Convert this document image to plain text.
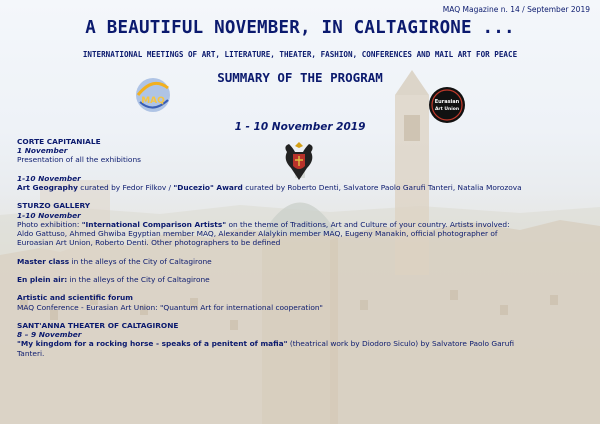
MAQ Magazine n. 14 / September 2019
A BEAUTIFUL NOVEMBER, IN CALTAGIRONE ...
INTERNATIONAL MEETINGS OF ART, LITERATURE, THEATER, FASHION, CONFERENCES AND MAIL ART FOR PEACE
SUMMARY OF THE PROGRAM
1 - 10 November 2019
MAQ	Eurasian
Art Union
CORTE CAPITANIALE
1 November
Presentation of all the exhibitions
1-10 November
Art Geography curated by Fedor Filkov / "Ducezio" Award curated by Roberto Denti, Salvatore Paolo Garufi Tanteri, Natalia Morozova
STURZO GALLERY
1-10 November
Photo exhibition: "International Comparison Artists" on the theme of Traditions, Art and Culture of your country. Artists involved:
Aldo Gattuso, Ahmed Ghwiba Egyptian member MAQ, Alexander Alalykin member MAQ, Eugeny Manakin, official photographer of
Euroasian Art Union, Roberto Denti. Other photographers to be defined
Master class in the alleys of the City of Caltagirone
En plein air: in the alleys of the City of Caltagirone
Artistic and scientific forum
MAQ Conference - Eurasian Art Union: "Quantum Art for international cooperation"
SANT'ANNA THEATER OF CALTAGIRONE
8 – 9 November
"My kingdom for a rocking horse - speaks of a penitent of mafia" (theatrical work by Diodoro Siculo) by Salvatore Paolo Garufi
Tanteri.
